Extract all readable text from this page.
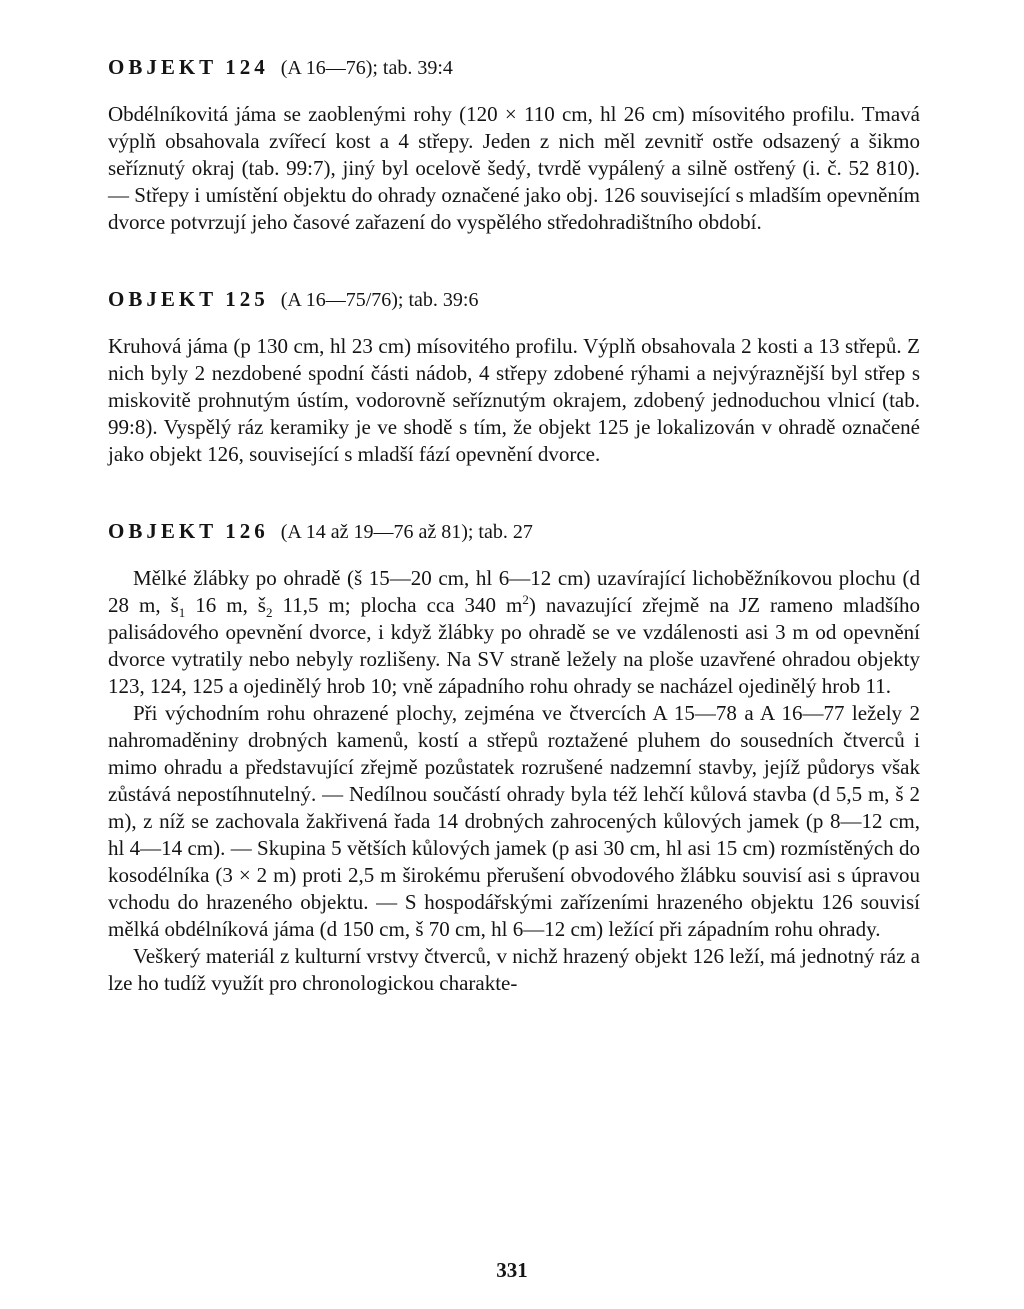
OBJEKT 124 (A 16—76); tab. 39:4

Obdélníkovitá jáma se zaoblenými rohy (120 × 110 cm, hl 26 cm) mísovitého profilu. Tmavá výplň obsahovala zvířecí kost a 4 střepy. Jeden z nich měl zevnitř ostře odsazený a šikmo seříznutý okraj (tab. 99:7), jiný byl ocelově šedý, tvrdě vypálený a silně ostřený (i. č. 52 810). — Střepy i umístění objektu do ohrady označené jako obj. 126 související s mladším opevněním dvorce potvrzují jeho časové zařazení do vyspělého středohradištního období.

OBJEKT 125 (A 16—75/76); tab. 39:6

Kruhová jáma (p 130 cm, hl 23 cm) mísovitého profilu. Výplň obsahovala 2 kosti a 13 střepů. Z nich byly 2 nezdobené spodní části nádob, 4 střepy zdobené rýhami a nejvýraznější byl střep s miskovitě prohnutým ústím, vodorovně seříznutým okrajem, zdobený jednoduchou vlnicí (tab. 99:8). Vyspělý ráz keramiky je ve shodě s tím, že objekt 125 je lokalizován v ohradě označené jako objekt 126, související s mladší fází opevnění dvorce.

OBJEKT 126 (A 14 až 19—76 až 81); tab. 27

Mělké žlábky po ohradě (š 15—20 cm, hl 6—12 cm) uzavírající lichoběžníkovou plochu (d 28 m, $š_1$ 16 m, $š_2$ 11,5 m; plocha cca 340 $m^2$) navazující zřejmě na JZ rameno mladšího palisádového opevnění dvorce, i když žlábky po ohradě se ve vzdálenosti asi 3 m od opevnění dvorce vytratily nebo nebyly rozlišeny. Na SV straně ležely na ploše uzavřené ohradou objekty 123, 124, 125 a ojedinělý hrob 10; vně západního rohu ohrady se nacházel ojedinělý hrob 11.

Při východním rohu ohrazené plochy, zejména ve čtvercích A 15—78 a A 16—77 ležely 2 nahromaděniny drobných kamenů, kostí a střepů roztažené pluhem do sousedních čtverců i mimo ohradu a představující zřejmě pozůstatek rozrušené nadzemní stavby, jejíž půdorys však zůstává nepostíhnutelný. — Nedílnou součástí ohrady byla též lehčí kůlová stavba (d 5,5 m, š 2 m), z níž se zachovala žakřivená řada 14 drobných zahrocených kůlových jamek (p 8—12 cm, hl 4—14 cm). — Skupina 5 větších kůlových jamek (p asi 30 cm, hl asi 15 cm) rozmístěných do kosodélníka (3 × 2 m) proti 2,5 m širokému přerušení obvodového žlábku souvisí asi s úpravou vchodu do hrazeného objektu. — S hospodářskými zařízeními hrazeného objektu 126 souvisí mělká obdélníková jáma (d 150 cm, š 70 cm, hl 6—12 cm) ležící při západním rohu ohrady.

Veškerý materiál z kulturní vrstvy čtverců, v nichž hrazený objekt 126 leží, má jednotný ráz a lze ho tudíž využít pro chronologickou charakte-

331
